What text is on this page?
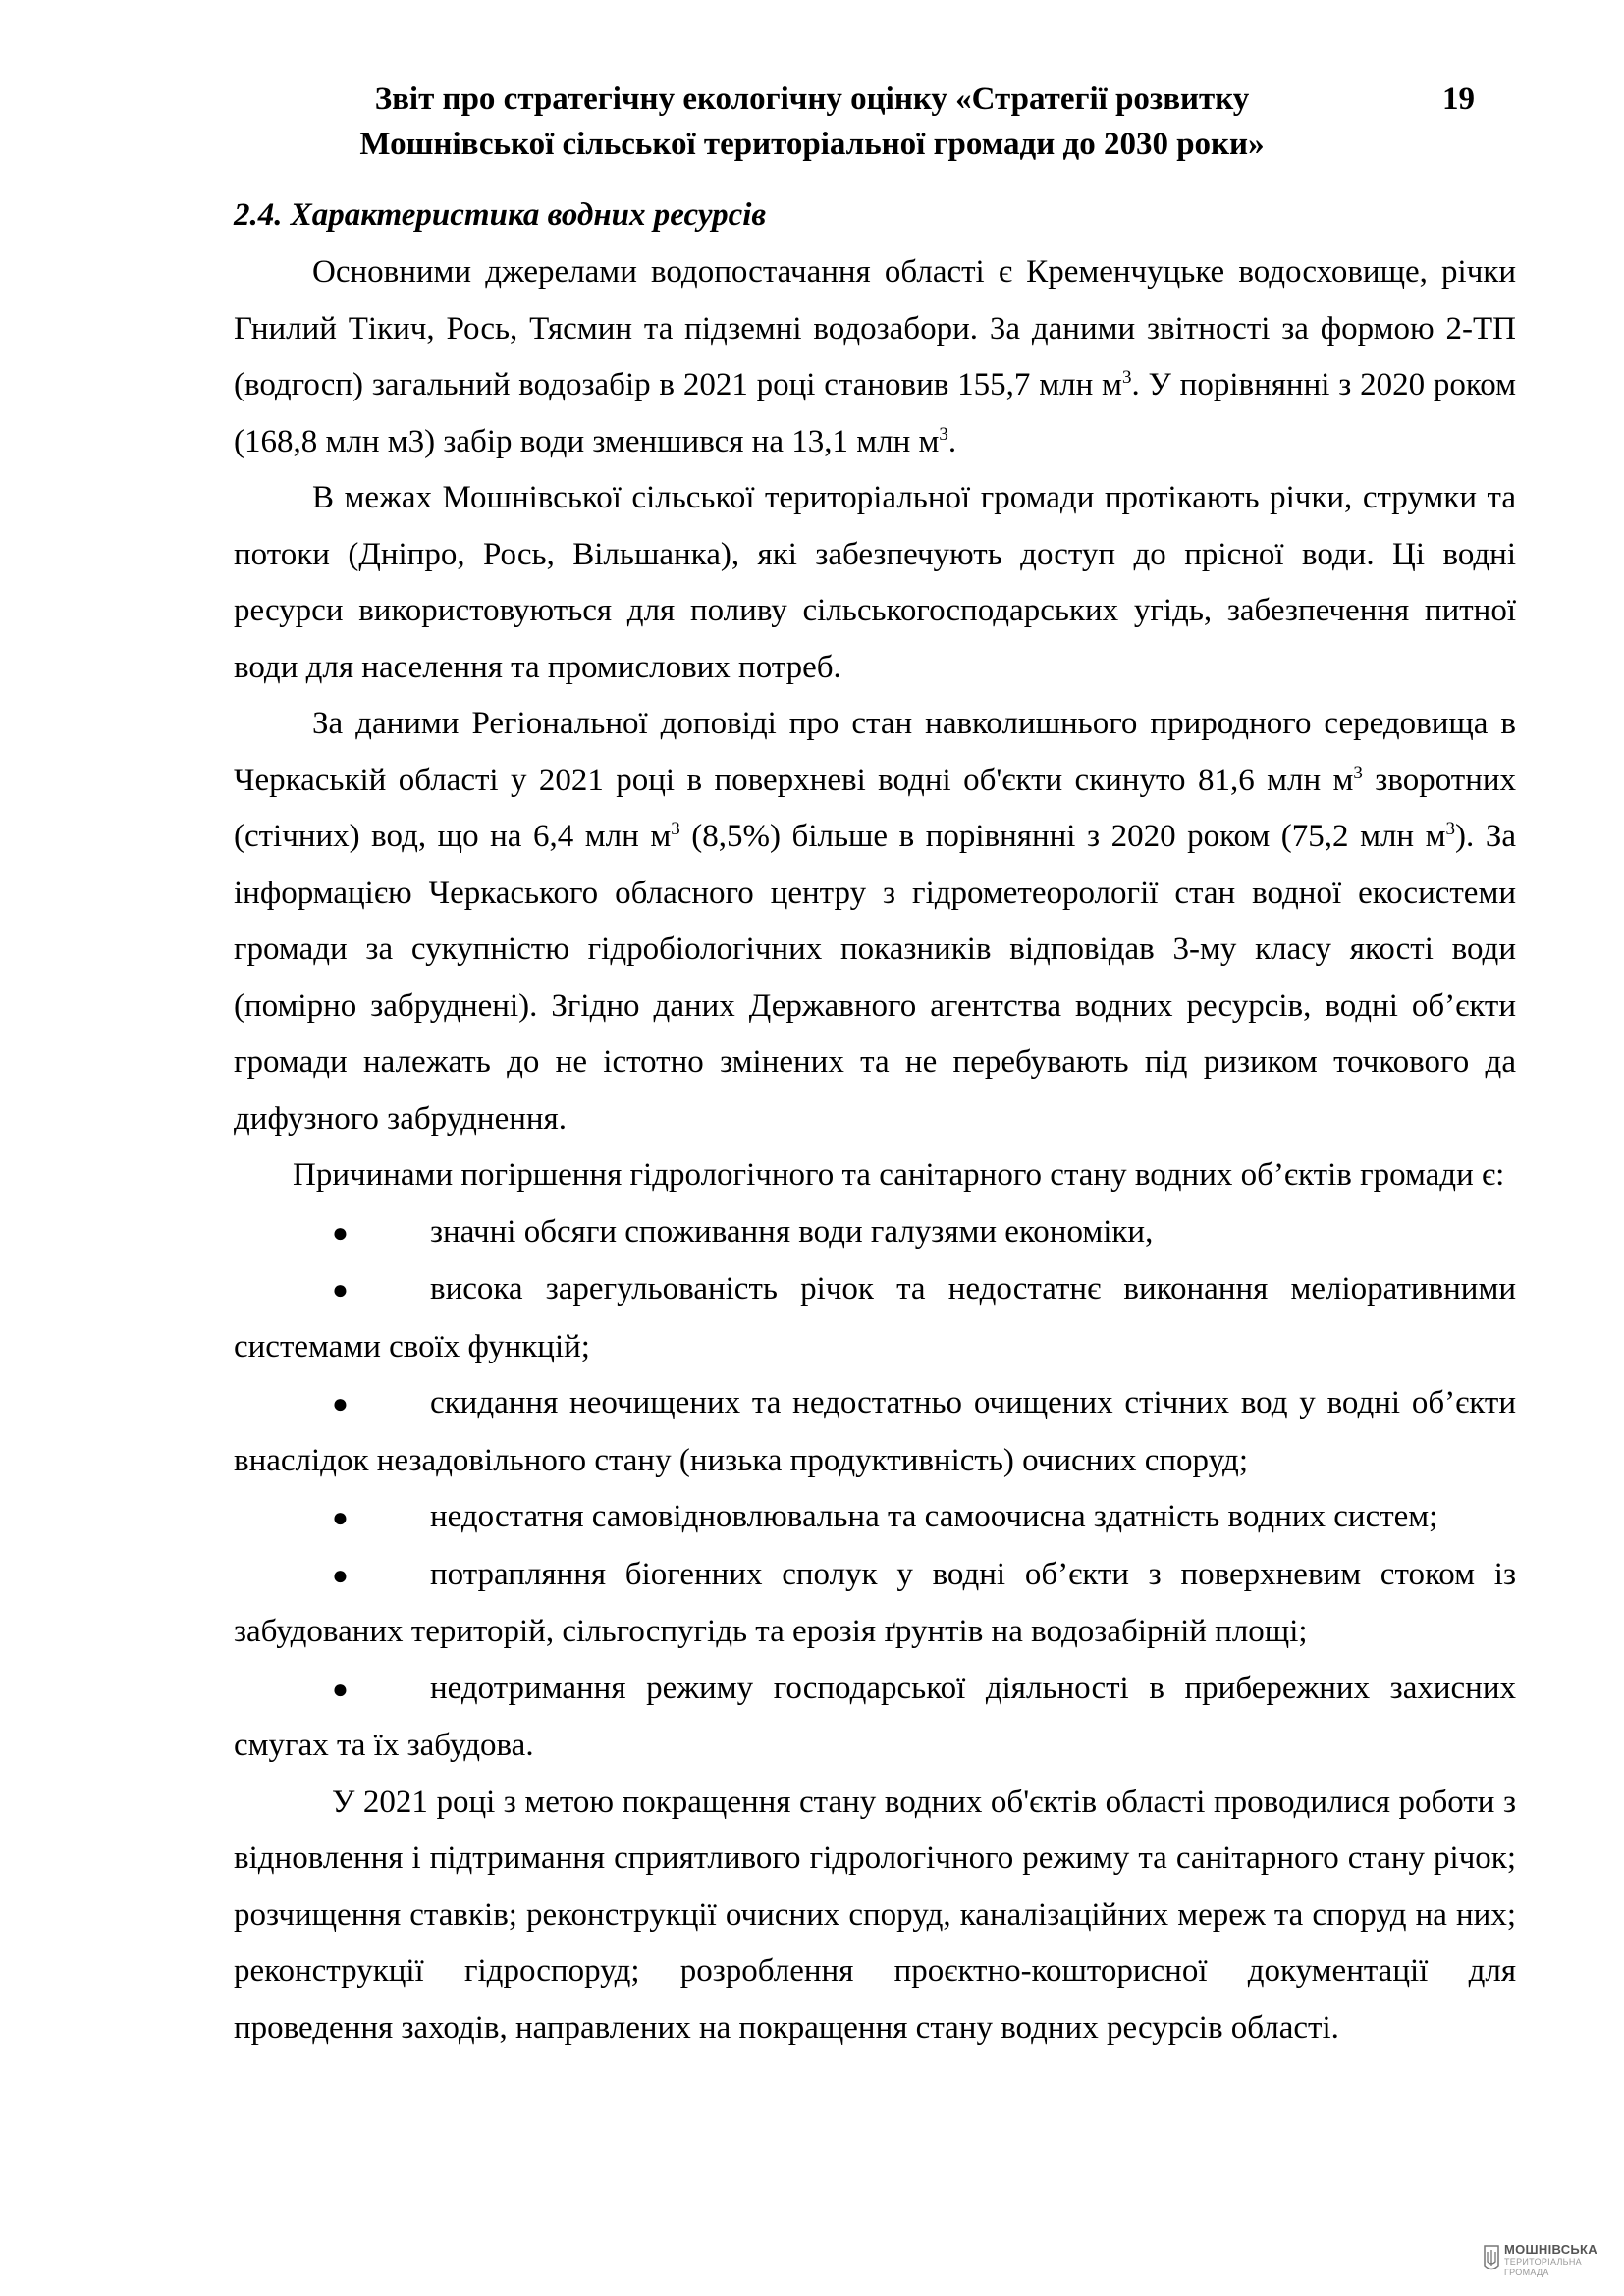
Звіт про стратегічну екологічну оцінку «Стратегії розвитку
Мошнівської сільської територіальної громади до 2030 роки»
19
2.4. Характеристика водних ресурсів

Основними джерелами водопостачання області є Кременчуцьке водосховище, річки Гнилий Тікич, Рось, Тясмин та підземні водозабори. За даними звітності за формою 2-ТП (водгосп) загальний водозабір в 2021 році становив 155,7 млн $м^3$. У порівнянні з 2020 роком (168,8 млн м3) забір води зменшився на 13,1 млн $м^3$.

В межах Мошнівської сільської територіальної громади протікають річки, струмки та потоки (Дніпро, Рось, Вільшанка), які забезпечують доступ до прісної води. Ці водні ресурси використовуються для поливу сільськогосподарських угідь, забезпечення питної води для населення та промислових потреб.

За даними Регіональної доповіді про стан навколишнього природного середовища в Черкаській області у 2021 році в поверхневі водні об'єкти скинуто 81,6 млн $м^3$ зворотних (стічних) вод, що на 6,4 млн $м^3$ (8,5%) більше в порівнянні з 2020 роком (75,2 млн $м^3$). За інформацією Черкаського обласного центру з гідрометеорології стан водної екосистеми громади за сукупністю гідробіологічних показників відповідав 3-му класу якості води (помірно забруднені). Згідно даних Державного агентства водних ресурсів, водні об’єкти громади належать до не істотно змінених та не перебувають під ризиком точкового да дифузного забруднення.

Причинами погіршення гідрологічного та санітарного стану водних об’єктів громади є:

●	значні обсяги споживання води галузями економіки,

●	висока зарегульованість річок та недостатнє виконання меліоративними системами своїх функцій;

●	скидання неочищених та недостатньо очищених стічних вод у водні об’єкти внаслідок незадовільного стану (низька продуктивність) очисних споруд;

●	недостатня самовідновлювальна та самоочисна здатність водних систем;

●	потрапляння біогенних сполук у водні об’єкти з поверхневим стоком із забудованих територій, сільгоспугідь та ерозія ґрунтів на водозабірній площі;

●	недотримання режиму господарської діяльності в прибережних захисних смугах та їх забудова.

У 2021 році з метою покращення стану водних об'єктів області проводилися роботи з відновлення і підтримання сприятливого гідрологічного режиму та санітарного стану річок; розчищення ставків; реконструкції очисних споруд, каналізаційних мереж та споруд на них; реконструкції гідроспоруд; розроблення проєктно-кошторисної документації для проведення заходів, направлених на покращення стану водних ресурсів області.

МОШНІВСЬКА
ТЕРИТОРІАЛЬНА
ГРОМАДА
